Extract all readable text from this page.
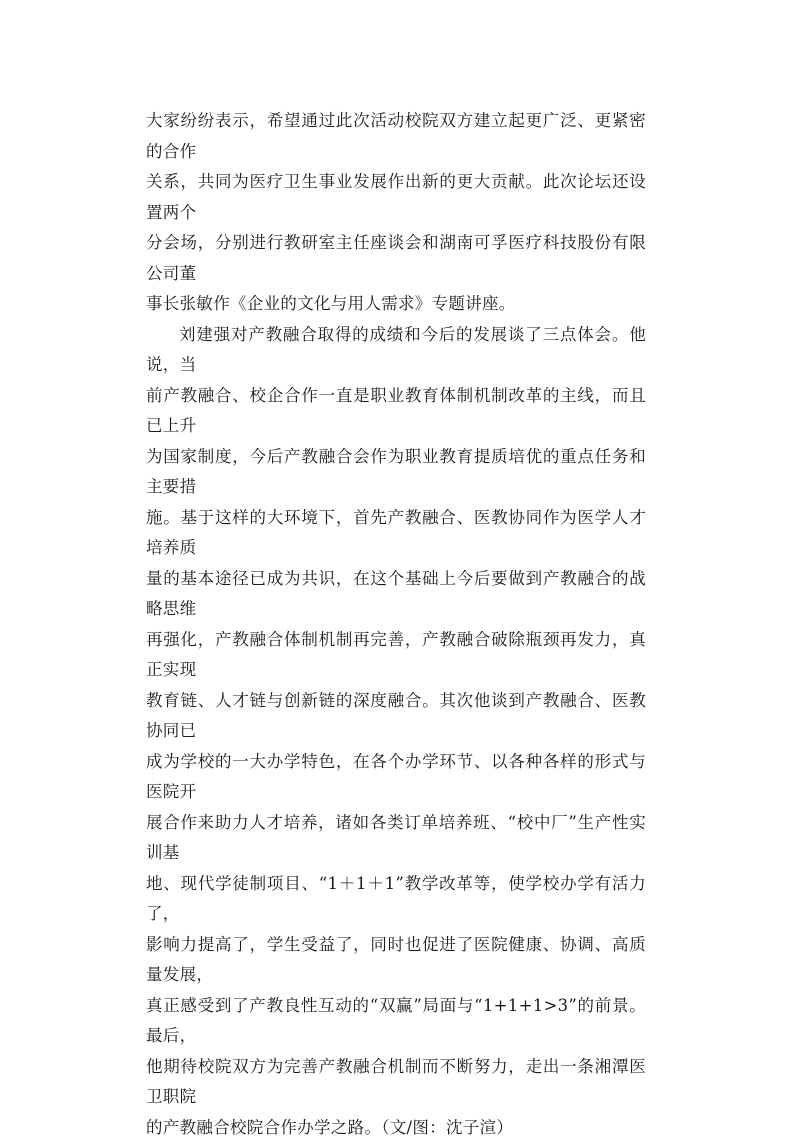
大家纷纷表示，希望通过此次活动校院双方建立起更广泛、更紧密的合作
关系，共同为医疗卫生事业发展作出新的更大贡献。此次论坛还设置两个
分会场，分别进行教研室主任座谈会和湖南可孚医疗科技股份有限公司董
事长张敏作《企业的文化与用人需求》专题讲座。

刘建强对产教融合取得的成绩和今后的发展谈了三点体会。他说，当
前产教融合、校企合作一直是职业教育体制机制改革的主线，而且已上升
为国家制度，今后产教融合会作为职业教育提质培优的重点任务和主要措
施。基于这样的大环境下，首先产教融合、医教协同作为医学人才培养质
量的基本途径已成为共识，在这个基础上今后要做到产教融合的战略思维
再强化，产教融合体制机制再完善，产教融合破除瓶颈再发力，真正实现
教育链、人才链与创新链的深度融合。其次他谈到产教融合、医教协同已
成为学校的一大办学特色，在各个办学环节、以各种各样的形式与医院开
展合作来助力人才培养，诸如各类订单培养班、“校中厂”生产性实训基
地、现代学徒制项目、“1＋1＋1”教学改革等，使学校办学有活力了，
影响力提高了，学生受益了，同时也促进了医院健康、协调、高质量发展，
真正感受到了产教良性互动的“双赢”局面与“1+1+1>3”的前景。最后，
他期待校院双方为完善产教融合机制而不断努力，走出一条湘潭医卫职院
的产教融合校院合作办学之路。（文/图：沈子渲）
